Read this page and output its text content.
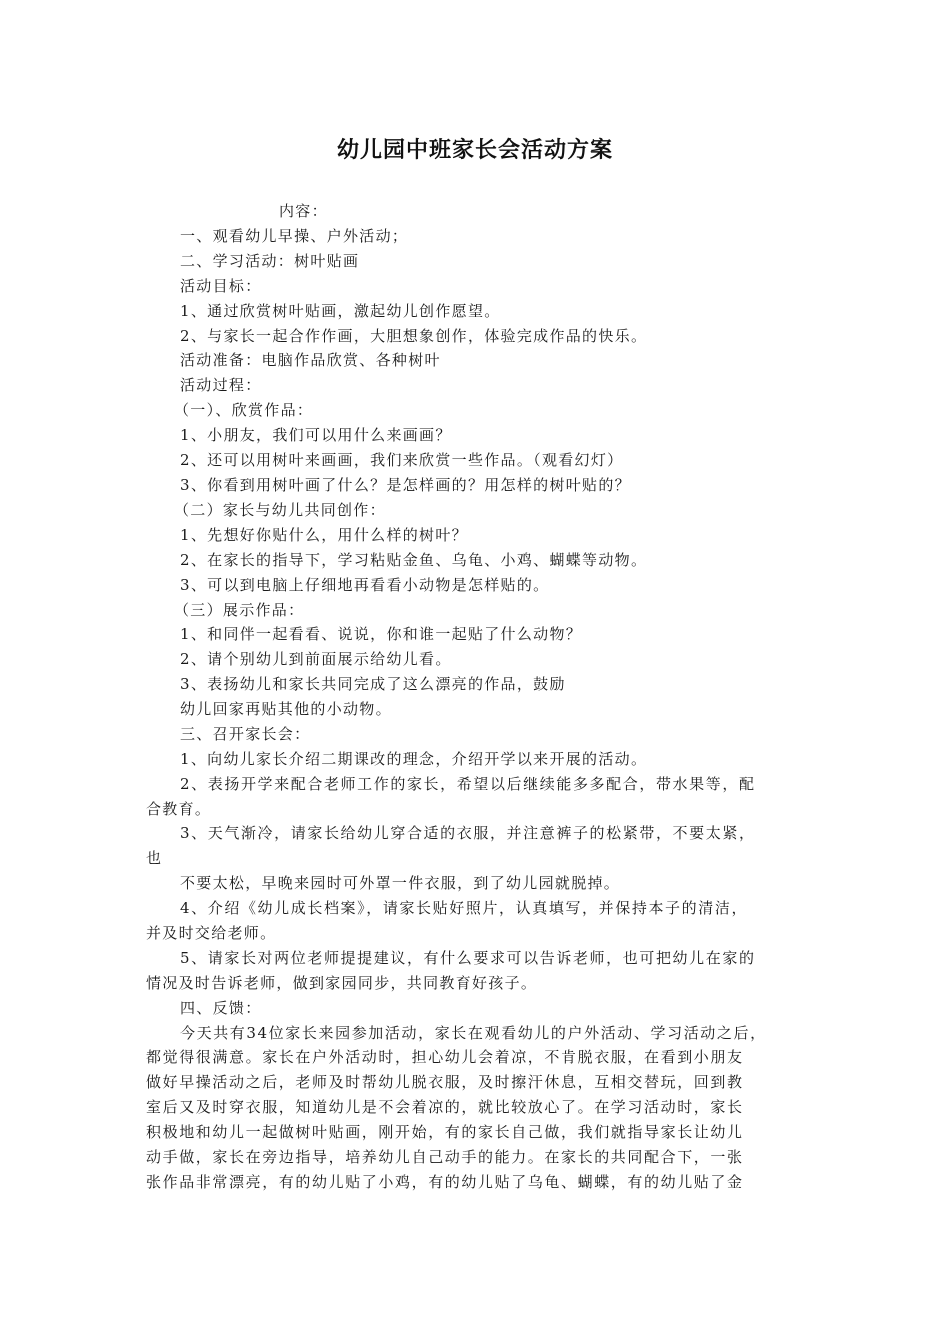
幼儿园中班家长会活动方案
内容：
一、观看幼儿早操、户外活动；
二、学习活动：树叶贴画
活动目标：
1、通过欣赏树叶贴画，激起幼儿创作愿望。
2、与家长一起合作作画，大胆想象创作，体验完成作品的快乐。
活动准备：电脑作品欣赏、各种树叶
活动过程：
（一）、欣赏作品：
1、小朋友，我们可以用什么来画画？
2、还可以用树叶来画画，我们来欣赏一些作品。（观看幻灯）
3、你看到用树叶画了什么？是怎样画的？用怎样的树叶贴的？
（二）家长与幼儿共同创作：
1、先想好你贴什么，用什么样的树叶？
2、在家长的指导下，学习粘贴金鱼、乌龟、小鸡、蝴蝶等动物。
3、可以到电脑上仔细地再看看小动物是怎样贴的。
（三）展示作品：
1、和同伴一起看看、说说，你和谁一起贴了什么动物？
2、请个别幼儿到前面展示给幼儿看。
3、表扬幼儿和家长共同完成了这么漂亮的作品，鼓励
幼儿回家再贴其他的小动物。
三、召开家长会：
1、向幼儿家长介绍二期课改的理念，介绍开学以来开展的活动。
2、表扬开学来配合老师工作的家长，希望以后继续能多多配合，带水果等，配
合教育。
3、天气渐冷，请家长给幼儿穿合适的衣服，并注意裤子的松紧带，不要太紧，
也
不要太松，早晚来园时可外罩一件衣服，到了幼儿园就脱掉。
4、介绍《幼儿成长档案》，请家长贴好照片，认真填写，并保持本子的清洁，
并及时交给老师。
5、请家长对两位老师提提建议，有什么要求可以告诉老师，也可把幼儿在家的
情况及时告诉老师，做到家园同步，共同教育好孩子。
四、反馈：
今天共有34位家长来园参加活动，家长在观看幼儿的户外活动、学习活动之后，
都觉得很满意。家长在户外活动时，担心幼儿会着凉，不肯脱衣服，在看到小朋友
做好早操活动之后，老师及时帮幼儿脱衣服，及时擦汗休息，互相交替玩，回到教
室后又及时穿衣服，知道幼儿是不会着凉的，就比较放心了。在学习活动时，家长
积极地和幼儿一起做树叶贴画，刚开始，有的家长自己做，我们就指导家长让幼儿
动手做，家长在旁边指导，培养幼儿自己动手的能力。在家长的共同配合下，一张
张作品非常漂亮，有的幼儿贴了小鸡，有的幼儿贴了乌龟、蝴蝶，有的幼儿贴了金
